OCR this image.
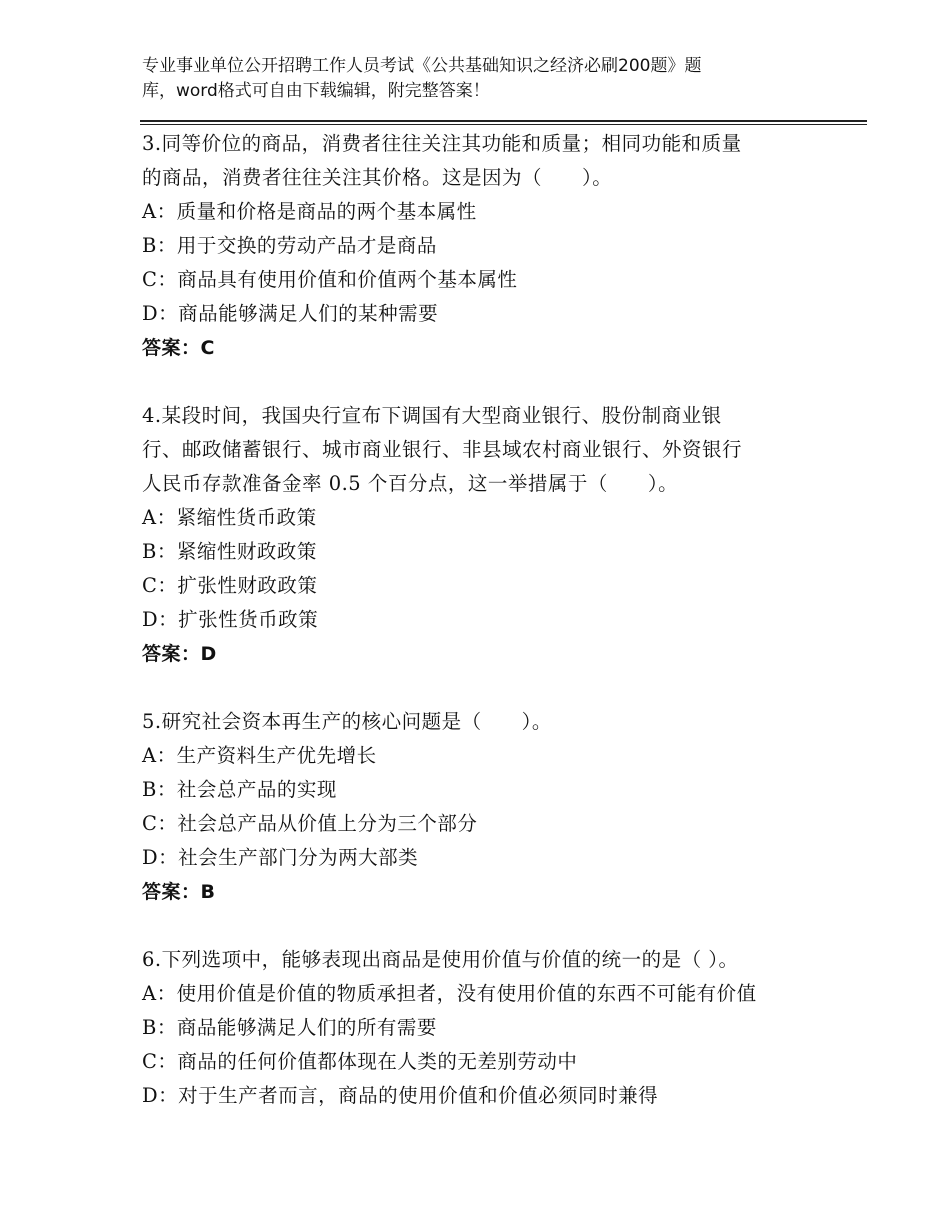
专业事业单位公开招聘工作人员考试《公共基础知识之经济必刷200题》题
库，word格式可自由下载编辑，附完整答案！

3.同等价位的商品，消费者往往关注其功能和质量；相同功能和质量

的商品，消费者往往关注其价格。这是因为（　　）。

A：质量和价格是商品的两个基本属性

B：用于交换的劳动产品才是商品

C：商品具有使用价值和价值两个基本属性

D：商品能够满足人们的某种需要

答案：C

4.某段时间，我国央行宣布下调国有大型商业银行、股份制商业银

行、邮政储蓄银行、城市商业银行、非县域农村商业银行、外资银行

人民币存款准备金率 0.5 个百分点，这一举措属于（　　）。

A：紧缩性货币政策

B：紧缩性财政政策

C：扩张性财政政策

D：扩张性货币政策

答案：D

5.研究社会资本再生产的核心问题是（　　）。

A：生产资料生产优先增长

B：社会总产品的实现

C：社会总产品从价值上分为三个部分

D：社会生产部门分为两大部类

答案：B

6.下列选项中，能够表现出商品是使用价值与价值的统一的是（ ）。

A：使用价值是价值的物质承担者，没有使用价值的东西不可能有价值

B：商品能够满足人们的所有需要

C：商品的任何价值都体现在人类的无差别劳动中

D：对于生产者而言，商品的使用价值和价值必须同时兼得
